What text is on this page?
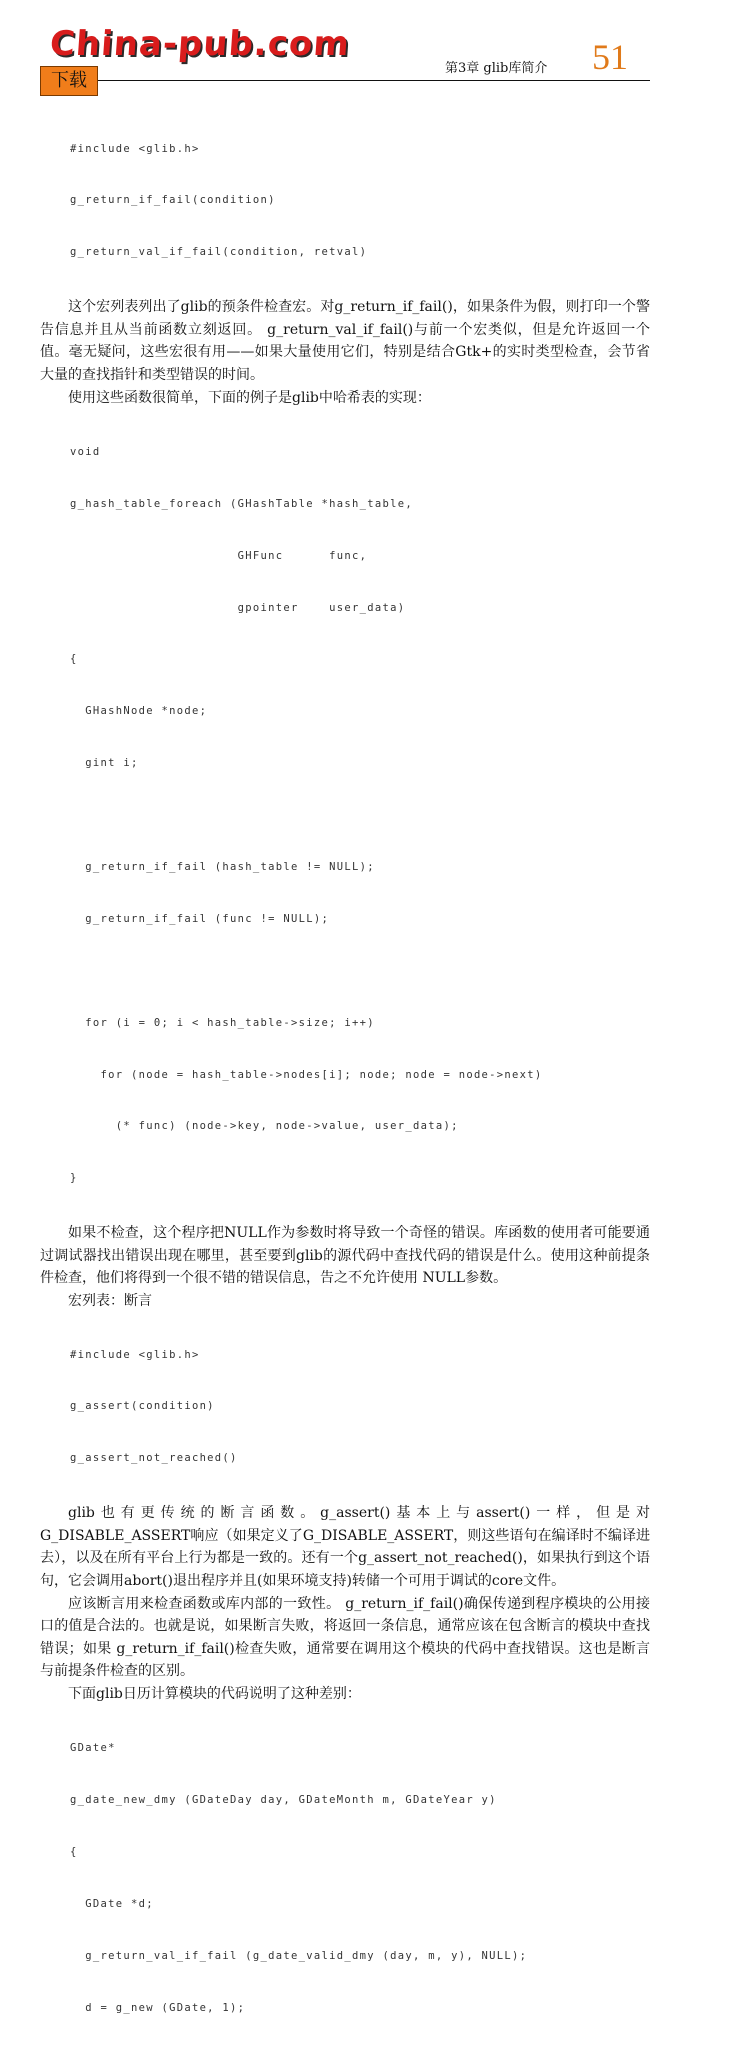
China-pub.com
下载
第3章 glib库简介 51

#include <glib.h>

g_return_if_fail(condition)

g_return_val_if_fail(condition, retval)

这个宏列表列出了glib的预条件检查宏。对g_return_if_fail()，如果条件为假，则打印一个警告信息并且从当前函数立刻返回。 g_return_val_if_fail()与前一个宏类似，但是允许返回一个值。毫无疑问，这些宏很有用——如果大量使用它们，特别是结合Gtk+的实时类型检查，会节省大量的查找指针和类型错误的时间。

使用这些函数很简单，下面的例子是glib中哈希表的实现：

void

g_hash_table_foreach (GHashTable *hash_table,

GHFunc      func,

gpointer    user_data)

{

GHashNode *node;

gint i;

g_return_if_fail (hash_table != NULL);

g_return_if_fail (func != NULL);

for (i = 0; i < hash_table->size; i++)

for (node = hash_table->nodes[i]; node; node = node->next)

(* func) (node->key, node->value, user_data);

}

如果不检查，这个程序把NULL作为参数时将导致一个奇怪的错误。库函数的使用者可能要通过调试器找出错误出现在哪里，甚至要到glib的源代码中查找代码的错误是什么。使用这种前提条件检查，他们将得到一个很不错的错误信息，告之不允许使用 NULL参数。

宏列表：断言

#include <glib.h>

g_assert(condition)

g_assert_not_reached()

glib也有更传统的断言函数。g_assert()基本上与assert()一样，但是对G_DISABLE_ASSERT响应（如果定义了G_DISABLE_ASSERT，则这些语句在编译时不编译进去），以及在所有平台上行为都是一致的。还有一个g_assert_not_reached()，如果执行到这个语句，它会调用abort()退出程序并且(如果环境支持)转储一个可用于调试的core文件。

应该断言用来检查函数或库内部的一致性。 g_return_if_fail()确保传递到程序模块的公用接口的值是合法的。也就是说，如果断言失败，将返回一条信息，通常应该在包含断言的模块中查找错误；如果 g_return_if_fail()检查失败，通常要在调用这个模块的代码中查找错误。这也是断言与前提条件检查的区别。

下面glib日历计算模块的代码说明了这种差别：

GDate*

g_date_new_dmy (GDateDay day, GDateMonth m, GDateYear y)

{

GDate *d;

g_return_val_if_fail (g_date_valid_dmy (day, m, y), NULL);

d = g_new (GDate, 1);
